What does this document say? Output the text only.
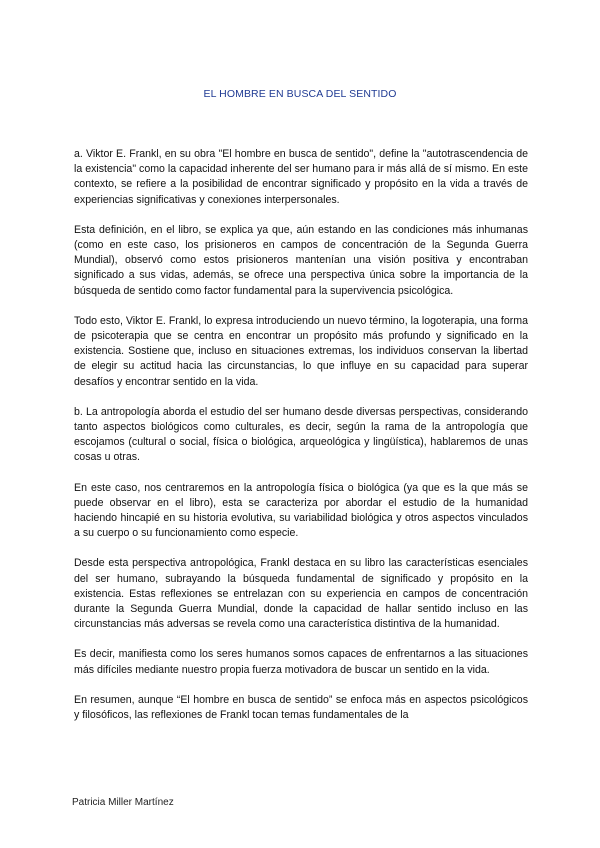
EL HOMBRE EN BUSCA DEL SENTIDO

a. Viktor E. Frankl, en su obra "El hombre en busca de sentido", define la "autotrascendencia de la existencia" como la capacidad inherente del ser humano para ir más allá de sí mismo. En este contexto, se refiere a la posibilidad de encontrar significado y propósito en la vida a través de experiencias significativas y conexiones interpersonales.

Esta definición, en el libro, se explica ya que, aún estando en las condiciones más inhumanas (como en este caso, los prisioneros en campos de concentración de la Segunda Guerra Mundial), observó como estos prisioneros mantenían una visión positiva y encontraban significado a sus vidas, además, se ofrece una perspectiva única sobre la importancia de la búsqueda de sentido como factor fundamental para la supervivencia psicológica.

Todo esto, Viktor E. Frankl, lo expresa introduciendo un nuevo término, la logoterapia, una forma de psicoterapia que se centra en encontrar un propósito más profundo y significado en la existencia. Sostiene que, incluso en situaciones extremas, los individuos conservan la libertad de elegir su actitud hacia las circunstancias, lo que influye en su capacidad para superar desafíos y encontrar sentido en la vida.

b. La antropología aborda el estudio del ser humano desde diversas perspectivas, considerando tanto aspectos biológicos como culturales, es decir, según la rama de la antropología que escojamos (cultural o social, física o biológica, arqueológica y lingüística), hablaremos de unas cosas u otras.

En este caso, nos centraremos en la antropología física o biológica (ya que es la que más se puede observar en el libro), esta se caracteriza por abordar el estudio de la humanidad haciendo hincapié en su historia evolutiva, su variabilidad biológica y otros aspectos vinculados a su cuerpo o su funcionamiento como especie.

Desde esta perspectiva antropológica, Frankl destaca en su libro las características esenciales del ser humano, subrayando la búsqueda fundamental de significado y propósito en la existencia. Estas reflexiones se entrelazan con su experiencia en campos de concentración durante la Segunda Guerra Mundial, donde la capacidad de hallar sentido incluso en las circunstancias más adversas se revela como una característica distintiva de la humanidad.

Es decir, manifiesta como los seres humanos somos capaces de enfrentarnos a las situaciones más difíciles mediante nuestro propia fuerza motivadora de buscar un sentido en la vida.

En resumen, aunque “El hombre en busca de sentido” se enfoca más en aspectos psicológicos y filosóficos, las reflexiones de Frankl tocan temas fundamentales de la

Patricia Miller Martínez
